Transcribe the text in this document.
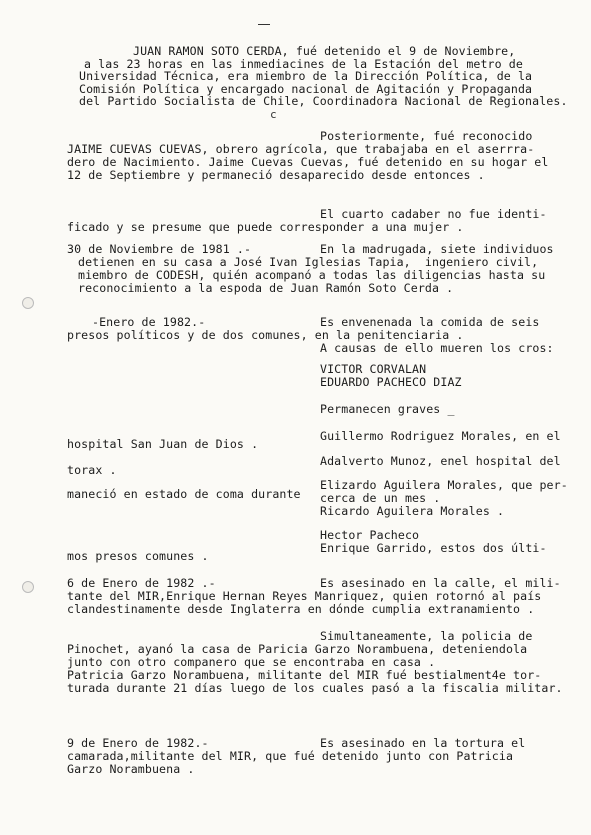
c
JUAN RAMON SOTO CERDA, fué detenido el 9 de Noviembre,
a las 23 horas en las inmediacines de la Estación del metro de
Universidad Técnica, era miembro de la Dirección Política, de la
Comisión Política y encargado nacional de Agitación y Propaganda
del Partido Socialista de Chile, Coordinadora Nacional de Regionales.
Posteriormente, fué reconocido
JAIME CUEVAS CUEVAS, obrero agrícola, que trabajaba en el aserrra-
dero de Nacimiento. Jaime Cuevas Cuevas, fué detenido en su hogar el
12 de Septiembre y permaneció desaparecido desde entonces .
El cuarto cadaber no fue identi-
ficado y se presume que puede corresponder a una mujer .
30 de Noviembre de 1981 .-	En la madrugada, siete individuos
detienen en su casa a José Ivan Iglesias Tapia,  ingeniero civil,
miembro de CODESH, quién acompanó a todas las diligencias hasta su
reconocimiento a la espoda de Juan Ramón Soto Cerda .
-Enero de 1982.-	Es envenenada la comida de seis
presos políticos y de dos comunes, en la penitenciaria .
A causas de ello mueren los cros:
VICTOR CORVALAN
EDUARDO PACHECO DIAZ
Permanecen graves _
Guillermo Rodriguez Morales, en el
hospital San Juan de Dios .
Adalverto Munoz, enel hospital del
torax .
Elizardo Aguilera Morales, que per-
maneció en estado de coma durante cerca de un mes .
Ricardo Aguilera Morales .
Hector Pacheco
Enrique Garrido, estos dos últi-
mos presos comunes .
6 de Enero de 1982 .-	Es asesinado en la calle, el mili-
tante del MIR,Enrique Hernan Reyes Manriquez, quien rotornó al país
clandestinamente desde Inglaterra en dónde cumplia extranamiento .
Simultaneamente, la policia de
Pinochet, ayanó la casa de Paricia Garzo Norambuena, deteniendola
junto con otro companero que se encontraba en casa .
Patricia Garzo Norambuena, militante del MIR fué bestialment4e tor-
turada durante 21 días luego de los cuales pasó a la fiscalia militar.
9 de Enero de 1982.-	Es asesinado en la tortura el
camarada,militante del MIR, que fué detenido junto con Patricia
Garzo Norambuena .
